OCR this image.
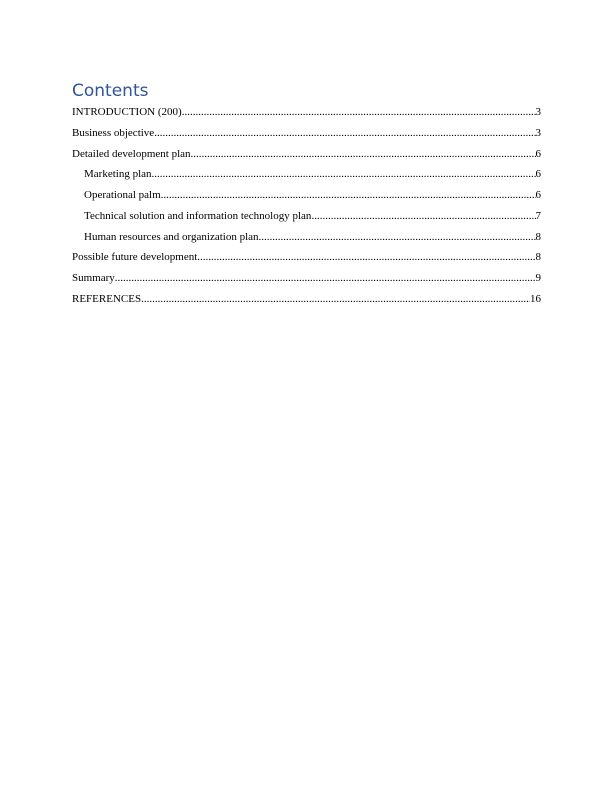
Contents
INTRODUCTION (200) .....	3
Business objective .....	3
Detailed development plan .....	6
Marketing plan .....	6
Operational palm .....	6
Technical solution and information technology plan .....	7
Human resources and organization plan .....	8
Possible future development .....	8
Summary .....	9
REFERENCES .....	16
